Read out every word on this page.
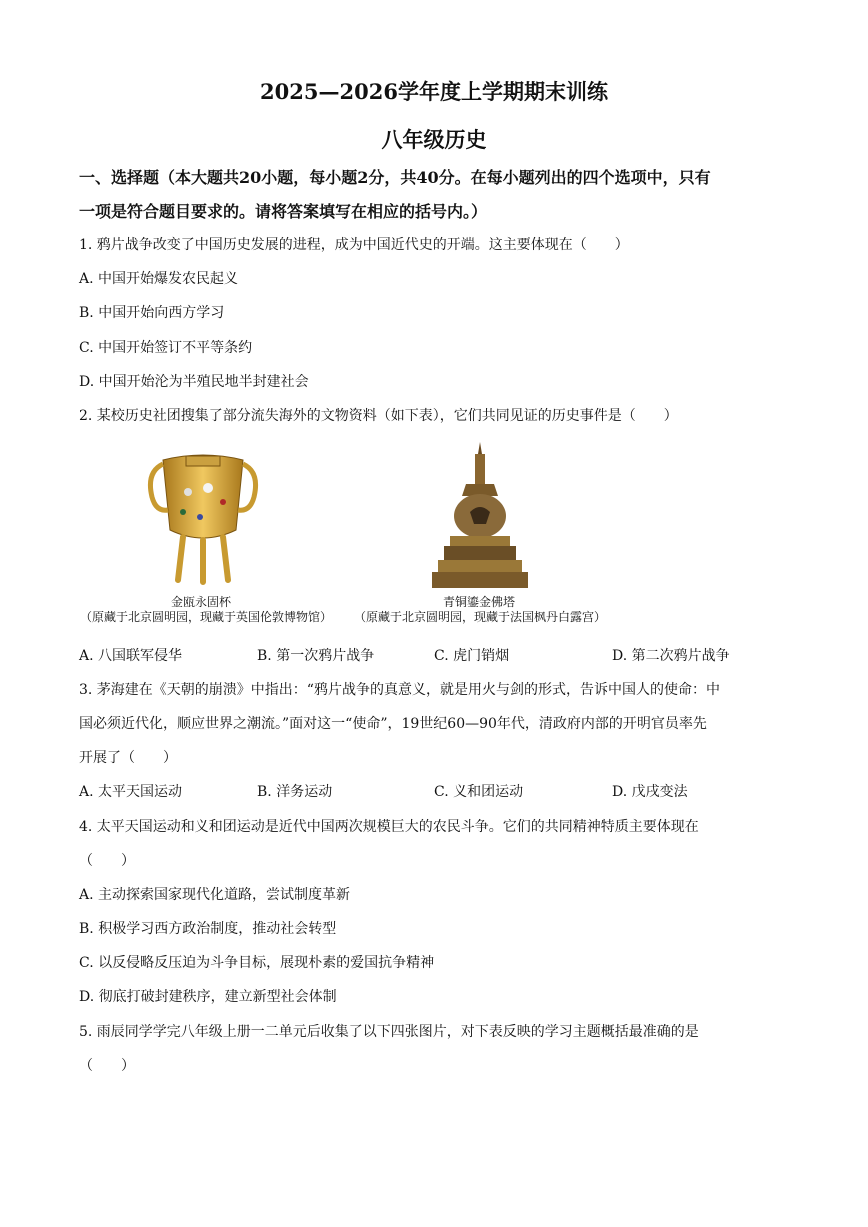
2025—2026学年度上学期期末训练
八年级历史
一、选择题（本大题共20小题，每小题2分，共40分。在每小题列出的四个选项中，只有
一项是符合题目要求的。请将答案填写在相应的括号内。）
1. 鸦片战争改变了中国历史发展的进程，成为中国近代史的开端。这主要体现在（　　）
A. 中国开始爆发农民起义
B. 中国开始向西方学习
C. 中国开始签订不平等条约
D. 中国开始沦为半殖民地半封建社会
2. 某校历史社团搜集了部分流失海外的文物资料（如下表），它们共同见证的历史事件是（　　）
金瓯永固杯
（原藏于北京圆明园，现藏于英国伦敦博物馆）
青铜鎏金佛塔
（原藏于北京圆明园，现藏于法国枫丹白露宫）
A. 八国联军侵华	B. 第一次鸦片战争	C. 虎门销烟	D. 第二次鸦片战争
3. 茅海建在《天朝的崩溃》中指出：“鸦片战争的真意义，就是用火与剑的形式，告诉中国人的使命：中
国必须近代化，顺应世界之潮流。”面对这一“使命”，19世纪60—90年代，清政府内部的开明官员率先
开展了（　　）
A. 太平天国运动	B. 洋务运动	C. 义和团运动	D. 戊戌变法
4. 太平天国运动和义和团运动是近代中国两次规模巨大的农民斗争。它们的共同精神特质主要体现在
（　　）
A. 主动探索国家现代化道路，尝试制度革新
B. 积极学习西方政治制度，推动社会转型
C. 以反侵略反压迫为斗争目标，展现朴素的爱国抗争精神
D. 彻底打破封建秩序，建立新型社会体制
5. 雨辰同学学完八年级上册一二单元后收集了以下四张图片，对下表反映的学习主题概括最准确的是
（　　）
